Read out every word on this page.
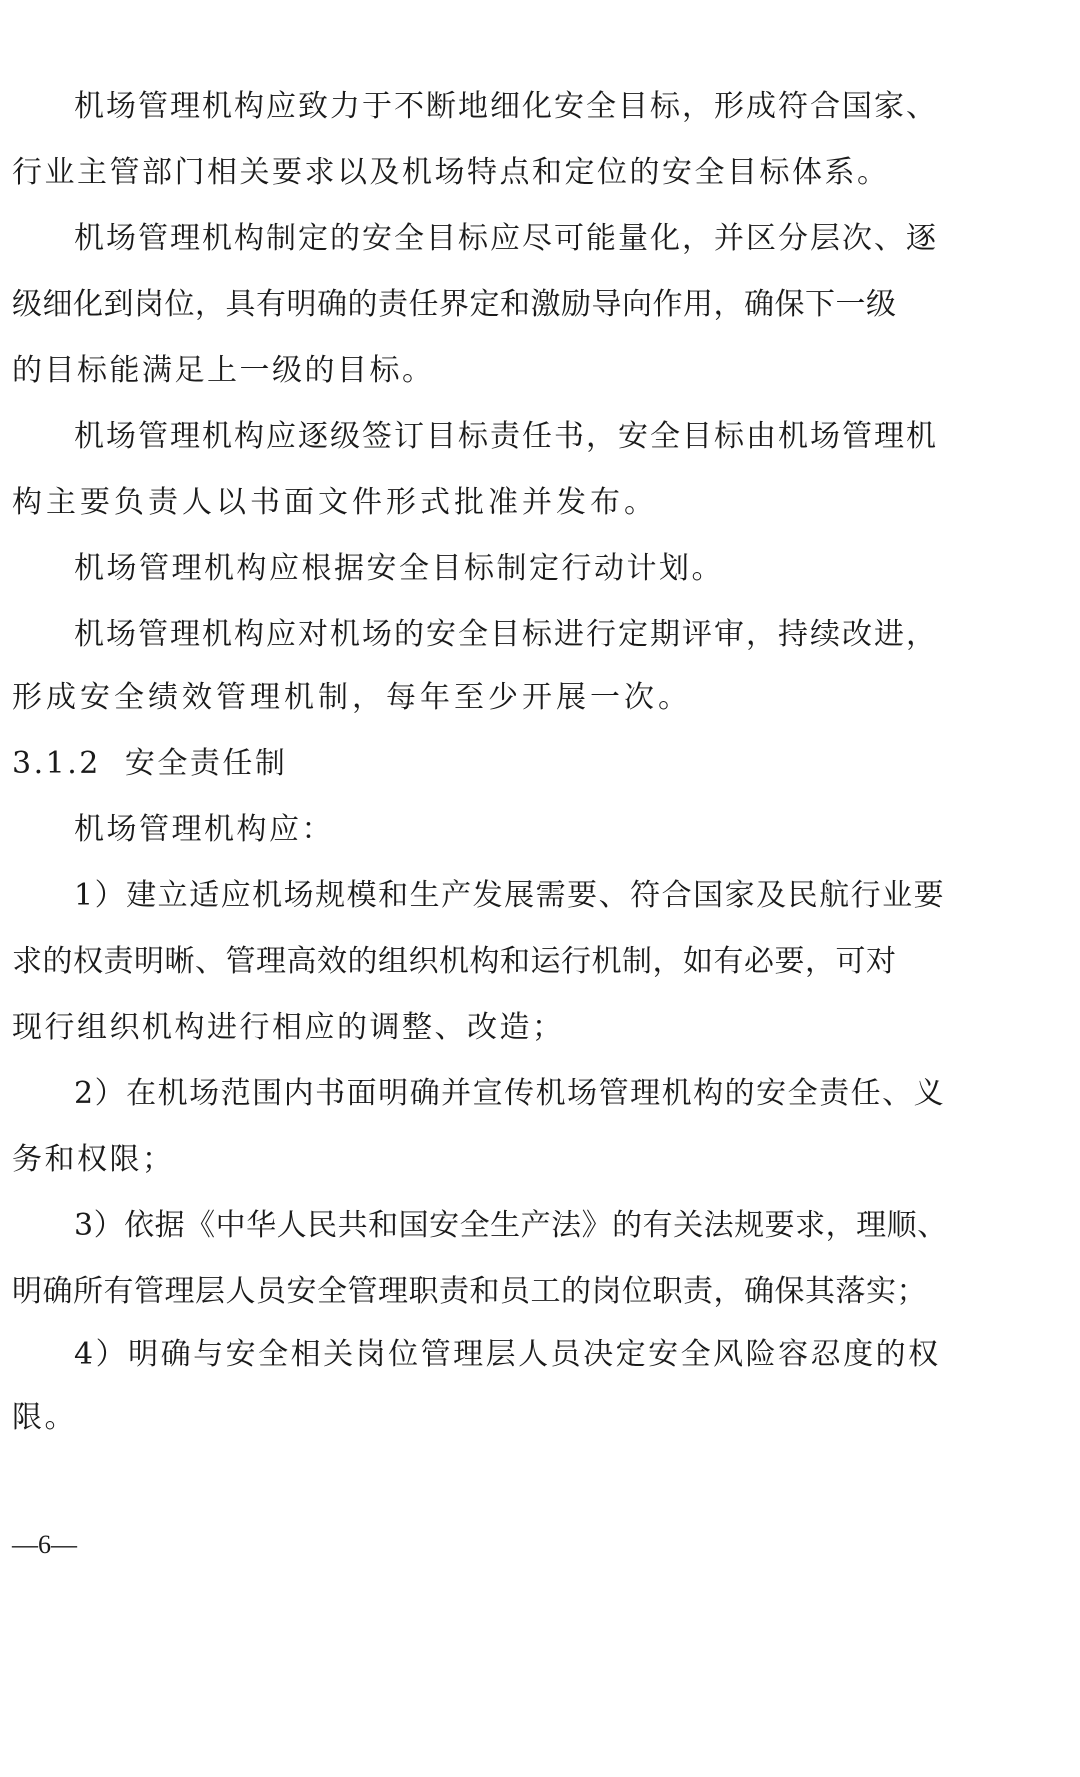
机场管理机构应致力于不断地细化安全目标，形成符合国家、

行业主管部门相关要求以及机场特点和定位的安全目标体系。

机场管理机构制定的安全目标应尽可能量化，并区分层次、逐

级细化到岗位，具有明确的责任界定和激励导向作用，确保下一级

的目标能满足上一级的目标。

机场管理机构应逐级签订目标责任书，安全目标由机场管理机

构主要负责人以书面文件形式批准并发布。

机场管理机构应根据安全目标制定行动计划。

机场管理机构应对机场的安全目标进行定期评审，持续改进，

形成安全绩效管理机制，每年至少开展一次。

3.1.2  安全责任制

机场管理机构应：

1）建立适应机场规模和生产发展需要、符合国家及民航行业要

求的权责明晰、管理高效的组织机构和运行机制，如有必要，可对

现行组织机构进行相应的调整、改造；

2）在机场范围内书面明确并宣传机场管理机构的安全责任、义

务和权限；

3）依据《中华人民共和国安全生产法》的有关法规要求，理顺、

明确所有管理层人员安全管理职责和员工的岗位职责，确保其落实；

4）明确与安全相关岗位管理层人员决定安全风险容忍度的权

限。

—6—
